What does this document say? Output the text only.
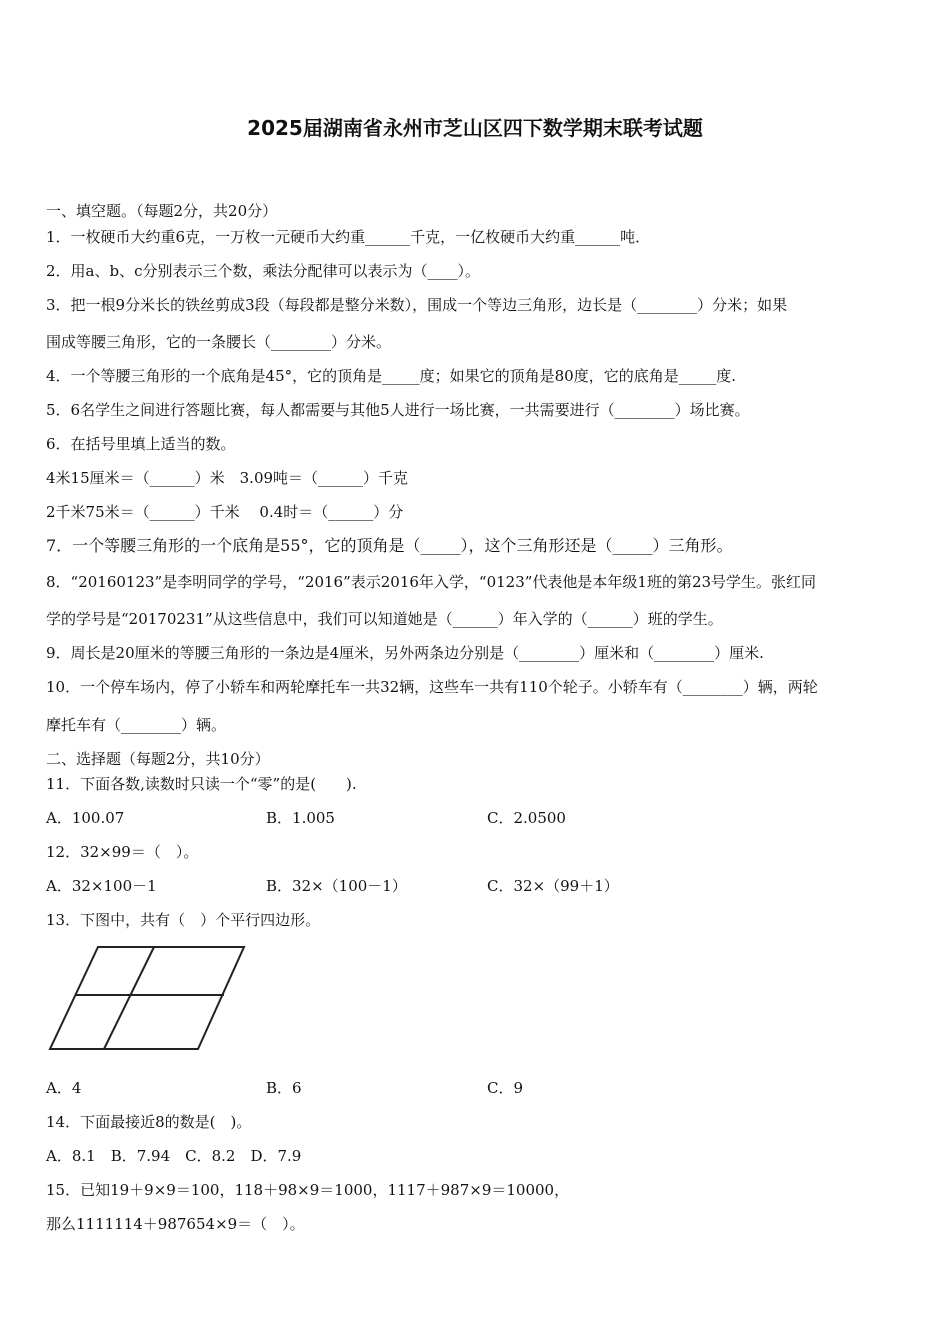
2025届湖南省永州市芝山区四下数学期末联考试题
一、填空题。（每题2分，共20分）
1．一枚硬币大约重6克，一万枚一元硬币大约重______千克，一亿枚硬币大约重______吨．
2．用a、b、c分别表示三个数，乘法分配律可以表示为（____）。
3．把一根9分米长的铁丝剪成3段（每段都是整分米数），围成一个等边三角形，边长是（________）分米；如果
围成等腰三角形，它的一条腰长（________）分米。
4．一个等腰三角形的一个底角是45°，它的顶角是_____度；如果它的顶角是80度，它的底角是_____度.
5．6名学生之间进行答题比赛，每人都需要与其他5人进行一场比赛，一共需要进行（________）场比赛。
6．在括号里填上适当的数。
4米15厘米＝（______）米　3.09吨＝（______）千克
2千米75米＝（______）千米　 0.4时＝（______）分
7．一个等腰三角形的一个底角是55°，它的顶角是（_____），这个三角形还是（_____）三角形。
8．“20160123”是李明同学的学号，“2016”表示2016年入学，“0123”代表他是本年级1班的第23号学生。张红同
学的学号是“20170231”从这些信息中，我们可以知道她是（______）年入学的（______）班的学生。
9．周长是20厘米的等腰三角形的一条边是4厘米，另外两条边分别是（________）厘米和（________）厘米.
10．一个停车场内，停了小轿车和两轮摩托车一共32辆，这些车一共有110个轮子。小轿车有（________）辆，两轮
摩托车有（________）辆。
二、选择题（每题2分，共10分）
11．下面各数,读数时只读一个“零”的是(　　).
A．100.07	B．1.005	C．2.0500
12．32×99＝（　）。
A．32×100－1	B．32×（100－1）	C．32×（99＋1）
13．下图中，共有（　）个平行四边形。
A．4	B．6	C．9
14．下面最接近8的数是(　)。
A．8.1　B．7.94　C．8.2　D．7.9
15．已知19＋9×9＝100，118＋98×9＝1000，1117＋987×9＝10000，
那么1111114＋987654×9＝（　）。
